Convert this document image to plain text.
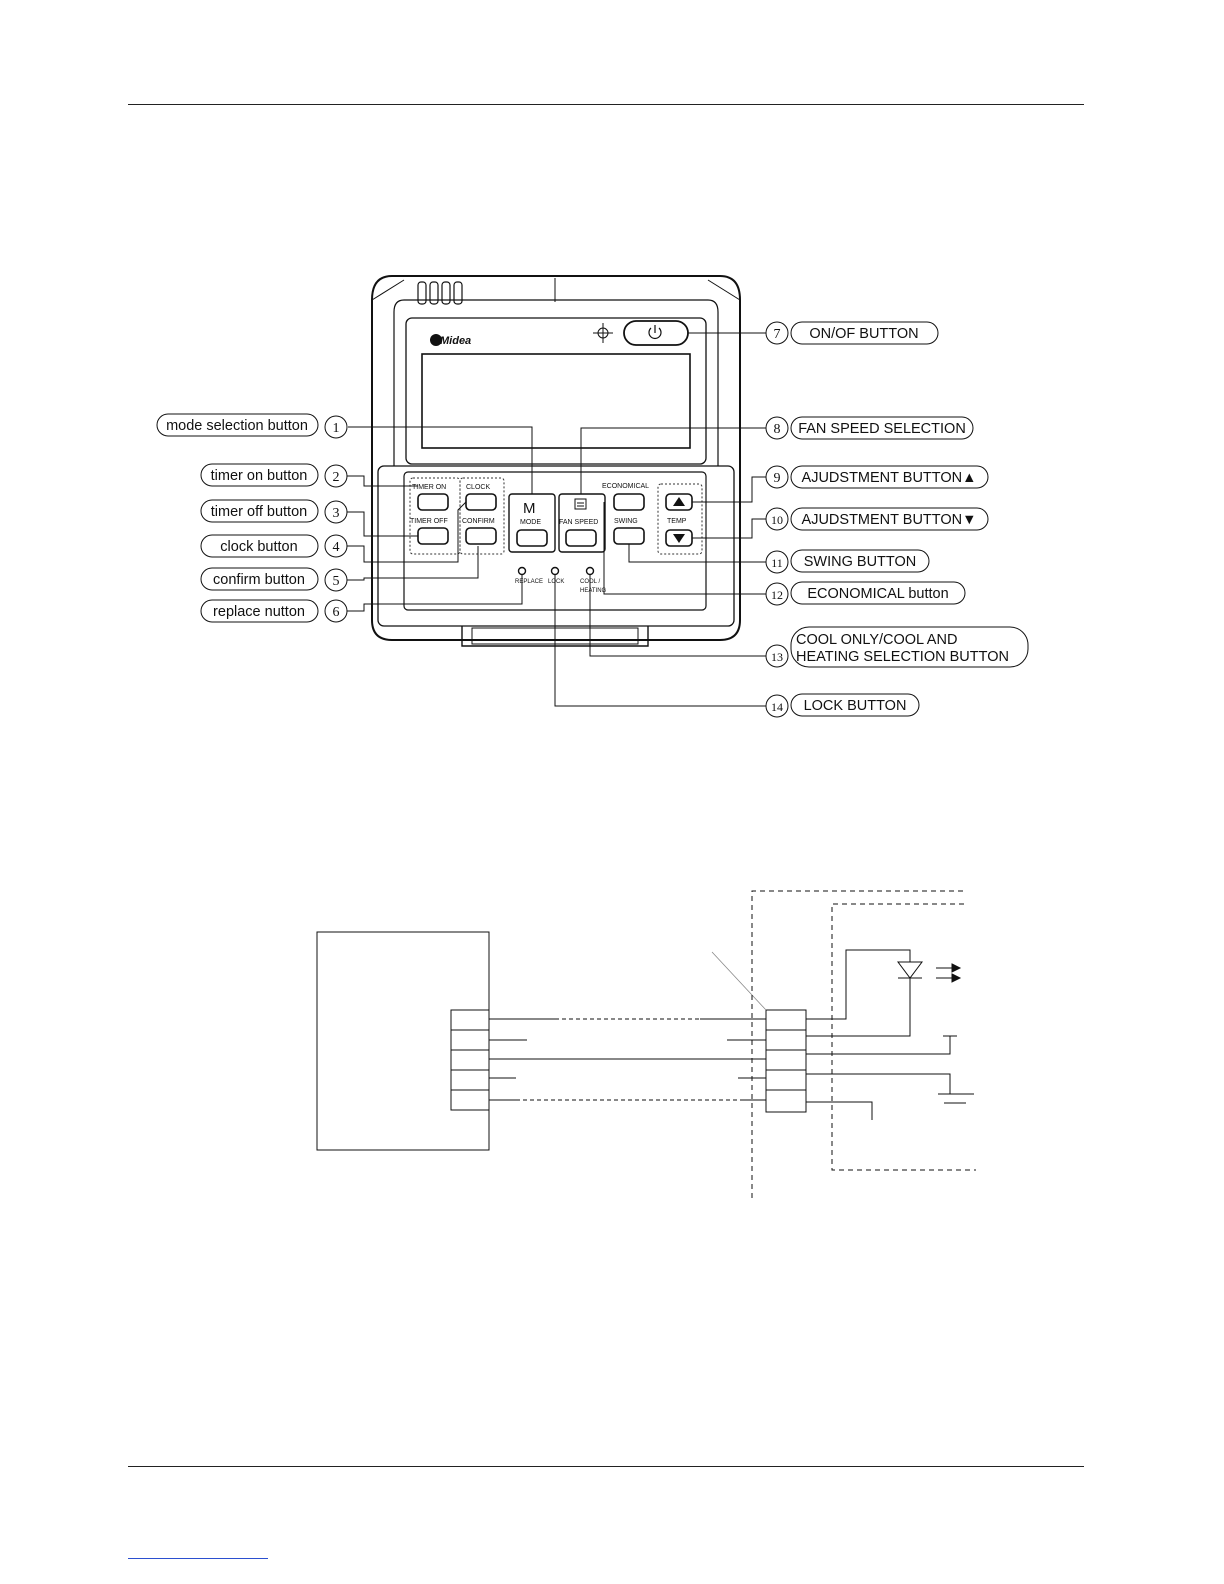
Midea
TIMER ON	CLOCK
TIMER OFF CONFIRM
ECONOMICAL
SWING	TEMP
M
MODE	FAN SPEED
REPLACE LOCK	COOL /
HEATING
mode selection button 1
timer on button 2
timer off button 3
clock button 4
confirm button 5
replace nutton 6
7 ON/OF BUTTON
8 FAN SPEED SELECTION
9 AJUDSTMENT BUTTON▲
10 AJUDSTMENT BUTTON▼
11 SWING BUTTON
12 ECONOMICAL button
13
COOL ONLY/COOL AND
HEATING SELECTION BUTTON
14 LOCK BUTTON
